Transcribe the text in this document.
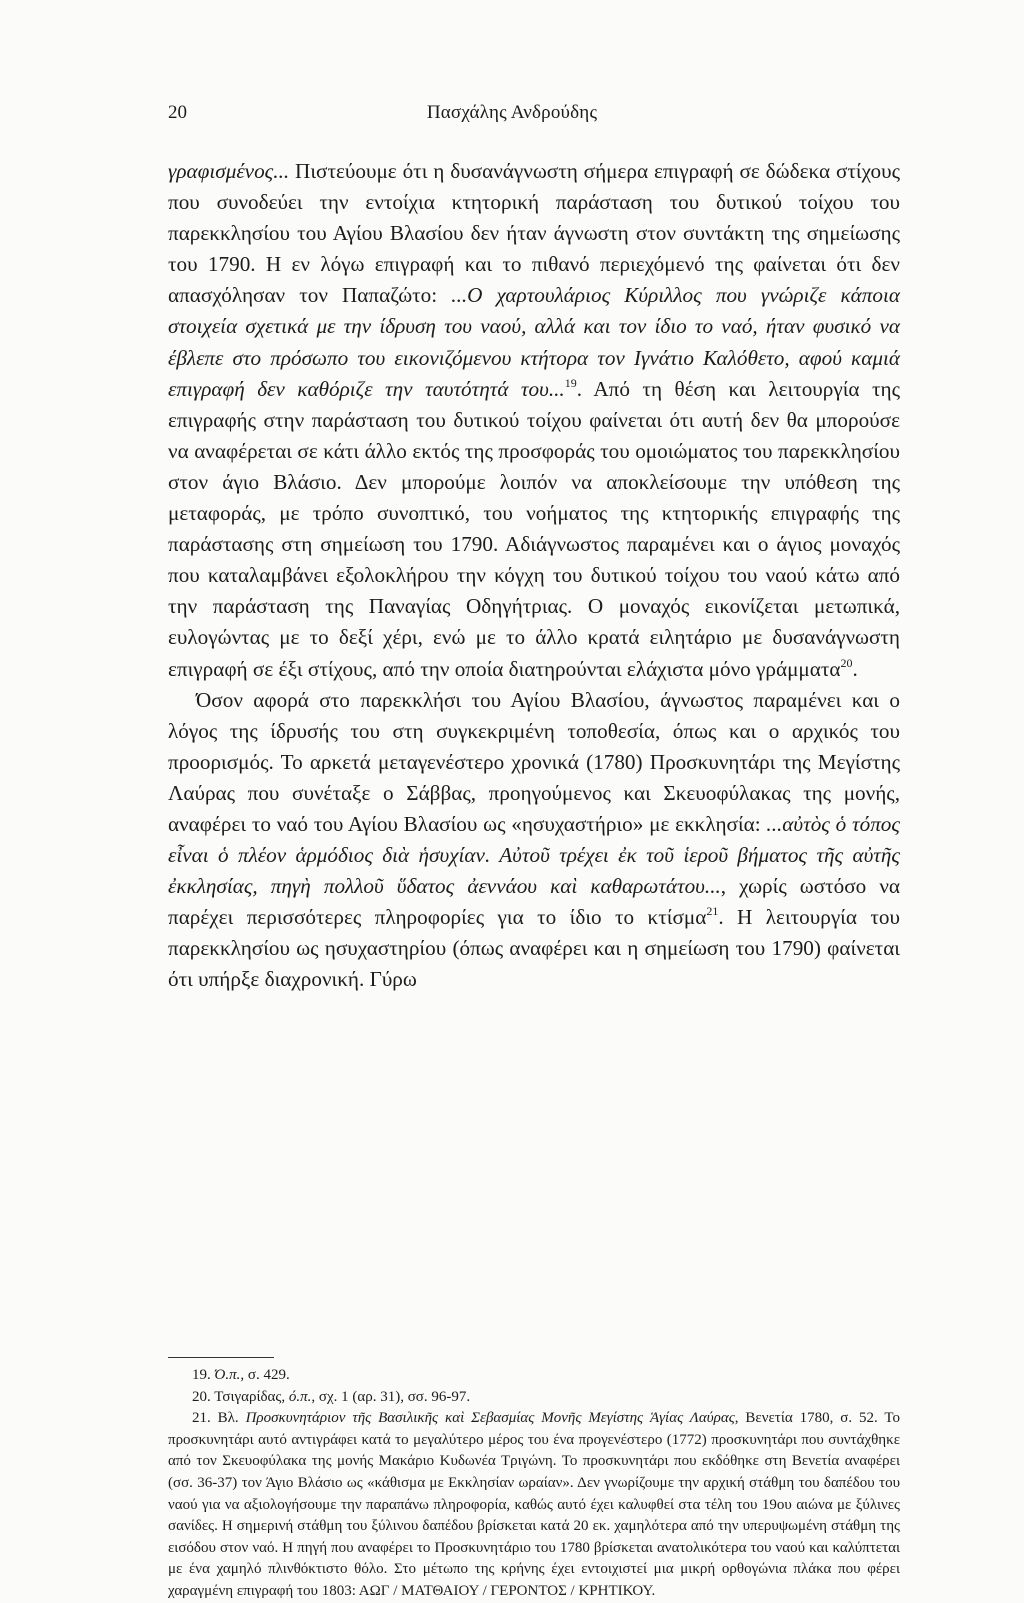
20	Πασχάλης Ανδρούδης

γραφισμένος... Πιστεύουμε ότι η δυσανάγνωστη σήμερα επιγραφή σε δώδεκα στίχους που συνοδεύει την εντοίχια κτητορική παράσταση του δυτικού τοίχου του παρεκκλησίου του Αγίου Βλασίου δεν ήταν άγνωστη στον συντάκτη της σημείωσης του 1790. Η εν λόγω επιγραφή και το πιθανό περιεχόμενό της φαίνεται ότι δεν απασχόλησαν τον Παπαζώτο: ...Ο χαρτουλάριος Κύριλλος που γνώριζε κάποια στοιχεία σχετικά με την ίδρυση του ναού, αλλά και τον ίδιο το ναό, ήταν φυσικό να έβλεπε στο πρόσωπο του εικονιζόμενου κτήτορα τον Ιγνάτιο Καλόθετο, αφού καμιά επιγραφή δεν καθόριζε την ταυτότητά του...$^{19}$. Από τη θέση και λειτουργία της επιγραφής στην παράσταση του δυτικού τοίχου φαίνεται ότι αυτή δεν θα μπορούσε να αναφέρεται σε κάτι άλλο εκτός της προσφοράς του ομοιώματος του παρεκκλησίου στον άγιο Βλάσιο. Δεν μπορούμε λοιπόν να αποκλείσουμε την υπόθεση της μεταφοράς, με τρόπο συνοπτικό, του νοήματος της κτητορικής επιγραφής της παράστασης στη σημείωση του 1790. Αδιάγνωστος παραμένει και ο άγιος μοναχός που καταλαμβάνει εξολοκλήρου την κόγχη του δυτικού τοίχου του ναού κάτω από την παράσταση της Παναγίας Οδηγήτριας. Ο μοναχός εικονίζεται μετωπικά, ευλογώντας με το δεξί χέρι, ενώ με το άλλο κρατά ειλητάριο με δυσανάγνωστη επιγραφή σε έξι στίχους, από την οποία διατηρούνται ελάχιστα μόνο γράμματα$^{20}$.

Όσον αφορά στο παρεκκλήσι του Αγίου Βλασίου, άγνωστος παραμένει και ο λόγος της ίδρυσής του στη συγκεκριμένη τοποθεσία, όπως και ο αρχικός του προορισμός. Το αρκετά μεταγενέστερο χρονικά (1780) Προσκυνητάρι της Μεγίστης Λαύρας που συνέταξε ο Σάββας, προηγούμενος και Σκευοφύλακας της μονής, αναφέρει το ναό του Αγίου Βλασίου ως «ησυχαστήριο» με εκκλησία: ...αὐτὸς ὁ τόπος εἶναι ὁ πλέον ἁρμόδιος διὰ ἡσυχίαν. Αὐτοῦ τρέχει ἐκ τοῦ ἱεροῦ βήματος τῆς αὐτῆς ἐκκλησίας, πηγὴ πολλοῦ ὕδατος ἀεννάου καὶ καθαρωτάτου..., χωρίς ωστόσο να παρέχει περισσότερες πληροφορίες για το ίδιο το κτίσμα$^{21}$. Η λειτουργία του παρεκκλησίου ως ησυχαστηρίου (όπως αναφέρει και η σημείωση του 1790) φαίνεται ότι υπήρξε διαχρονική. Γύρω

19. Ό.π., σ. 429.

20. Τσιγαρίδας, ό.π., σχ. 1 (αρ. 31), σσ. 96-97.

21. Βλ. Προσκυνητάριον τῆς Βασιλικῆς καὶ Σεβασμίας Μονῆς Μεγίστης Ἁγίας Λαύρας, Βενετία 1780, σ. 52. Το προσκυνητάρι αυτό αντιγράφει κατά το μεγαλύτερο μέρος του ένα προγενέστερο (1772) προσκυνητάρι που συντάχθηκε από τον Σκευοφύλακα της μονής Μακάριο Κυδωνέα Τριγώνη. Το προσκυνητάρι που εκδόθηκε στη Βενετία αναφέρει (σσ. 36-37) τον Άγιο Βλάσιο ως «κάθισμα με Εκκλησίαν ωραίαν». Δεν γνωρίζουμε την αρχική στάθμη του δαπέδου του ναού για να αξιολογήσουμε την παραπάνω πληροφορία, καθώς αυτό έχει καλυφθεί στα τέλη του 19ου αιώνα με ξύλινες σανίδες. Η σημερινή στάθμη του ξύλινου δαπέδου βρίσκεται κατά 20 εκ. χαμηλότερα από την υπερυψωμένη στάθμη της εισόδου στον ναό. Η πηγή που αναφέρει το Προσκυνητάριο του 1780 βρίσκεται ανατολικότερα του ναού και καλύπτεται με ένα χαμηλό πλινθόκτιστο θόλο. Στο μέτωπο της κρήνης έχει εντοιχιστεί μια μικρή ορθογώνια πλάκα που φέρει χαραγμένη επιγραφή του 1803: ΑΩΓ / ΜΑΤΘΑΙΟΥ / ΓΕΡΟΝΤΟΣ / ΚΡΗΤΙΚΟΥ.
